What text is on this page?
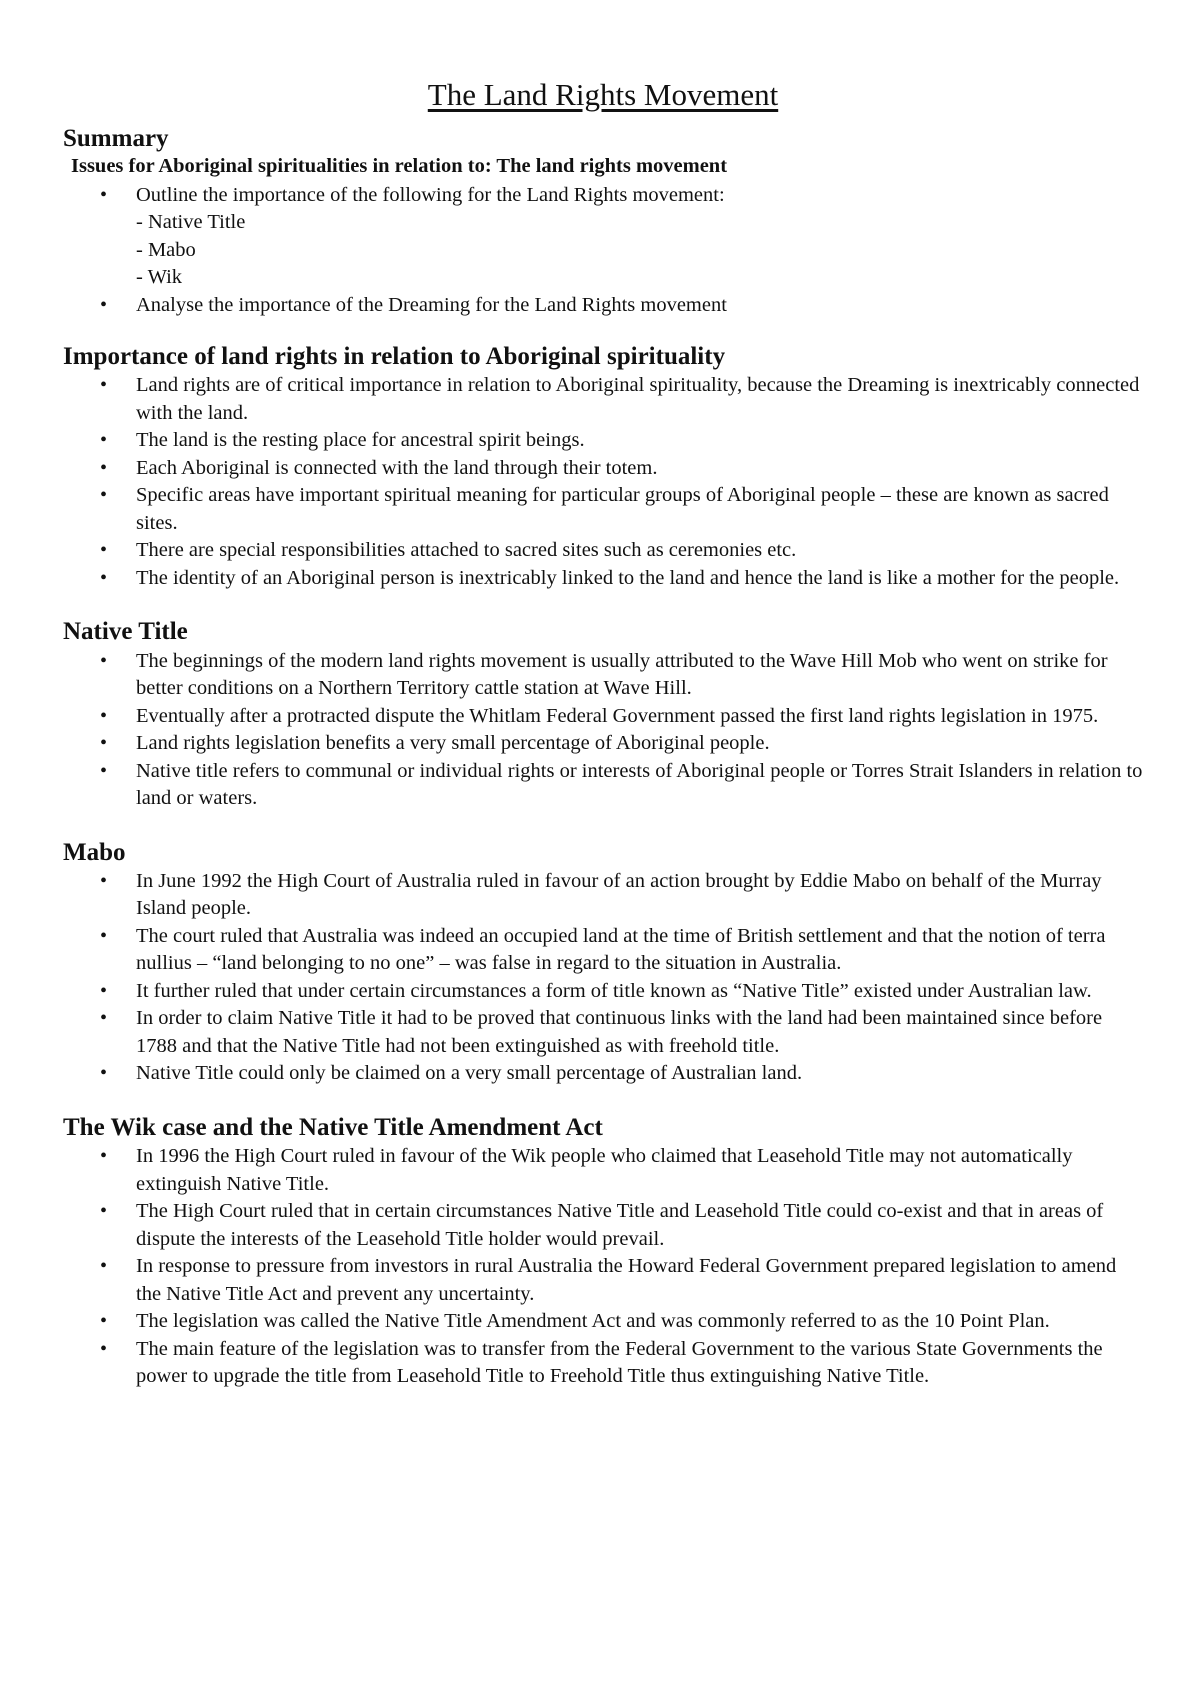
The Land Rights Movement
Summary
Issues for Aboriginal spiritualities in relation to: The land rights movement
• Outline the importance of the following for the Land Rights movement:
- Native Title
- Mabo
- Wik
• Analyse the importance of the Dreaming for the Land Rights movement
Importance of land rights in relation to Aboriginal spirituality
• Land rights are of critical importance in relation to Aboriginal spirituality, because the Dreaming is inextricably connected with the land.
• The land is the resting place for ancestral spirit beings.
• Each Aboriginal is connected with the land through their totem.
• Specific areas have important spiritual meaning for particular groups of Aboriginal people – these are known as sacred sites.
• There are special responsibilities attached to sacred sites such as ceremonies etc.
• The identity of an Aboriginal person is inextricably linked to the land and hence the land is like a mother for the people.
Native Title
• The beginnings of the modern land rights movement is usually attributed to the Wave Hill Mob who went on strike for better conditions on a Northern Territory cattle station at Wave Hill.
• Eventually after a protracted dispute the Whitlam Federal Government passed the first land rights legislation in 1975.
• Land rights legislation benefits a very small percentage of Aboriginal people.
• Native title refers to communal or individual rights or interests of Aboriginal people or Torres Strait Islanders in relation to land or waters.
Mabo
• In June 1992 the High Court of Australia ruled in favour of an action brought by Eddie Mabo on behalf of the Murray Island people.
• The court ruled that Australia was indeed an occupied land at the time of British settlement and that the notion of terra nullius – “land belonging to no one” – was false in regard to the situation in Australia.
• It further ruled that under certain circumstances a form of title known as “Native Title” existed under Australian law.
• In order to claim Native Title it had to be proved that continuous links with the land had been maintained since before 1788 and that the Native Title had not been extinguished as with freehold title.
• Native Title could only be claimed on a very small percentage of Australian land.
The Wik case and the Native Title Amendment Act
• In 1996 the High Court ruled in favour of the Wik people who claimed that Leasehold Title may not automatically extinguish Native Title.
• The High Court ruled that in certain circumstances Native Title and Leasehold Title could co-exist and that in areas of dispute the interests of the Leasehold Title holder would prevail.
• In response to pressure from investors in rural Australia the Howard Federal Government prepared legislation to amend the Native Title Act and prevent any uncertainty.
• The legislation was called the Native Title Amendment Act and was commonly referred to as the 10 Point Plan.
• The main feature of the legislation was to transfer from the Federal Government to the various State Governments the power to upgrade the title from Leasehold Title to Freehold Title thus extinguishing Native Title.
